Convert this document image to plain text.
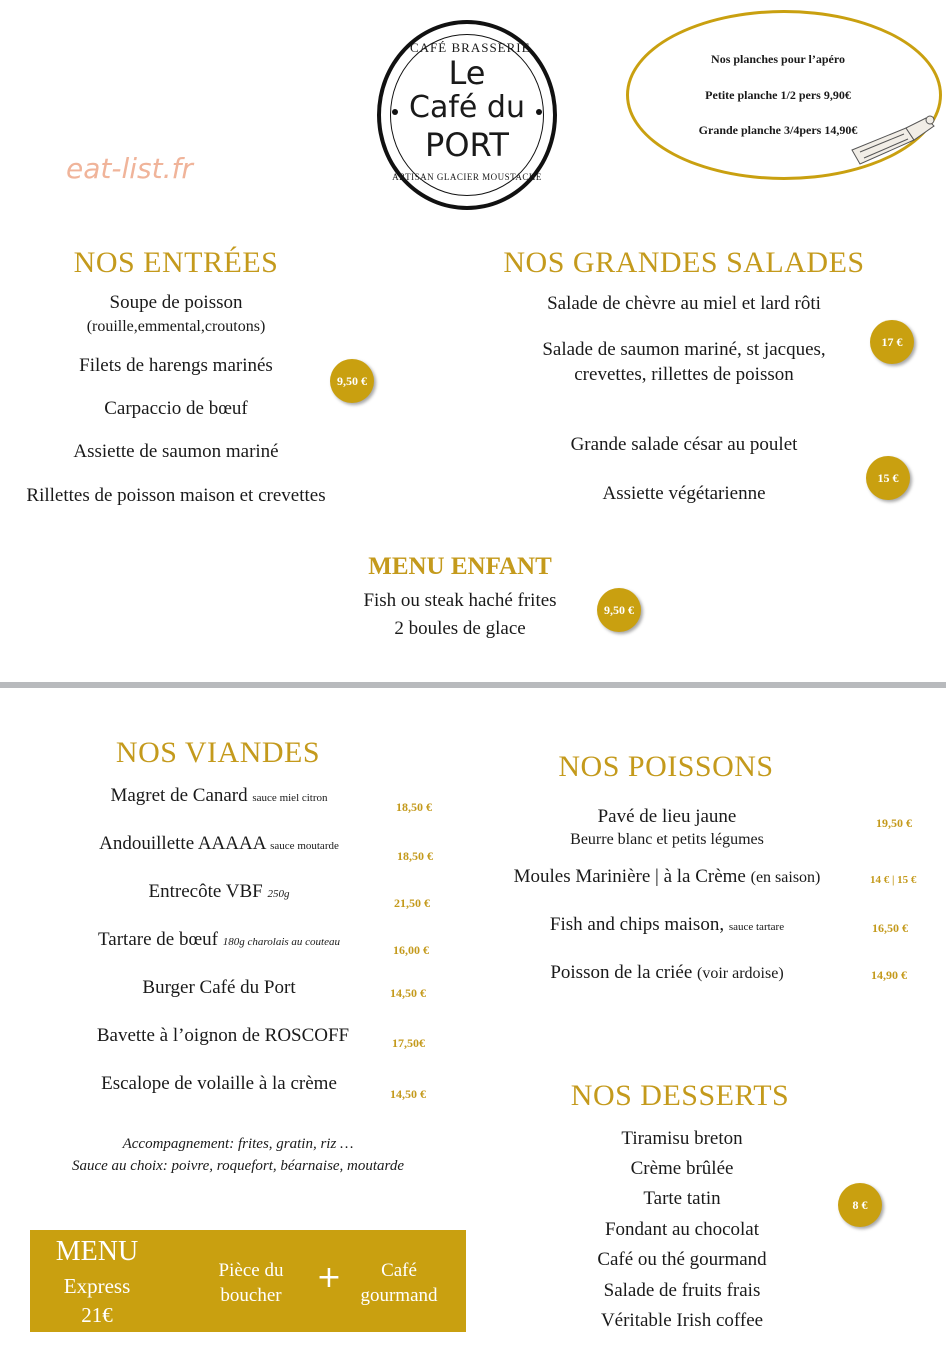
eat-list.fr
CAFÉ BRASSERIE
Le
Café du
PORT
ARTISAN GLACIER MOUSTACHE
Nos planches pour l’apéro
Petite planche 1/2 pers 9,90€
Grande planche 3/4pers 14,90€
NOS ENTRÉES
Soupe de poisson
(rouille,emmental,croutons)
Filets de harengs marinés
Carpaccio de bœuf
Assiette de saumon mariné
Rillettes de poisson maison et crevettes
9,50 €
NOS GRANDES SALADES
Salade de chèvre au miel et lard rôti
Salade de saumon mariné, st jacques,
crevettes, rillettes de poisson
Grande salade césar au poulet
Assiette végétarienne
17 €
15 €
MENU ENFANT
Fish ou steak haché frites
2 boules de glace
9,50 €
NOS VIANDES
Magret de Canard sauce miel citron
18,50 €
Andouillette AAAAA sauce moutarde
18,50 €
Entrecôte VBF 250g
21,50 €
Tartare de bœuf 180g charolais au couteau
16,00 €
Burger Café du Port	14,50 €
Bavette à l’oignon de ROSCOFF	17,50€
Escalope de volaille à la crème	14,50 €
Accompagnement: frites, gratin, riz …
Sauce au choix: poivre, roquefort, béarnaise, moutarde
NOS POISSONS
Pavé de lieu jaune
Beurre blanc et petits légumes
19,50 €
Moules Marinière | à la Crème (en saison)	14 € | 15 €
Fish and chips maison, sauce tartare	16,50 €
Poisson de la criée (voir ardoise)	14,90 €
NOS DESSERTS
Tiramisu breton
Crème brûlée
Tarte tatin
Fondant au chocolat
Café ou thé gourmand
Salade de fruits frais
Véritable Irish coffee
8 €
MENU
Express
21€
Pièce du
boucher
+	Café
gourmand
